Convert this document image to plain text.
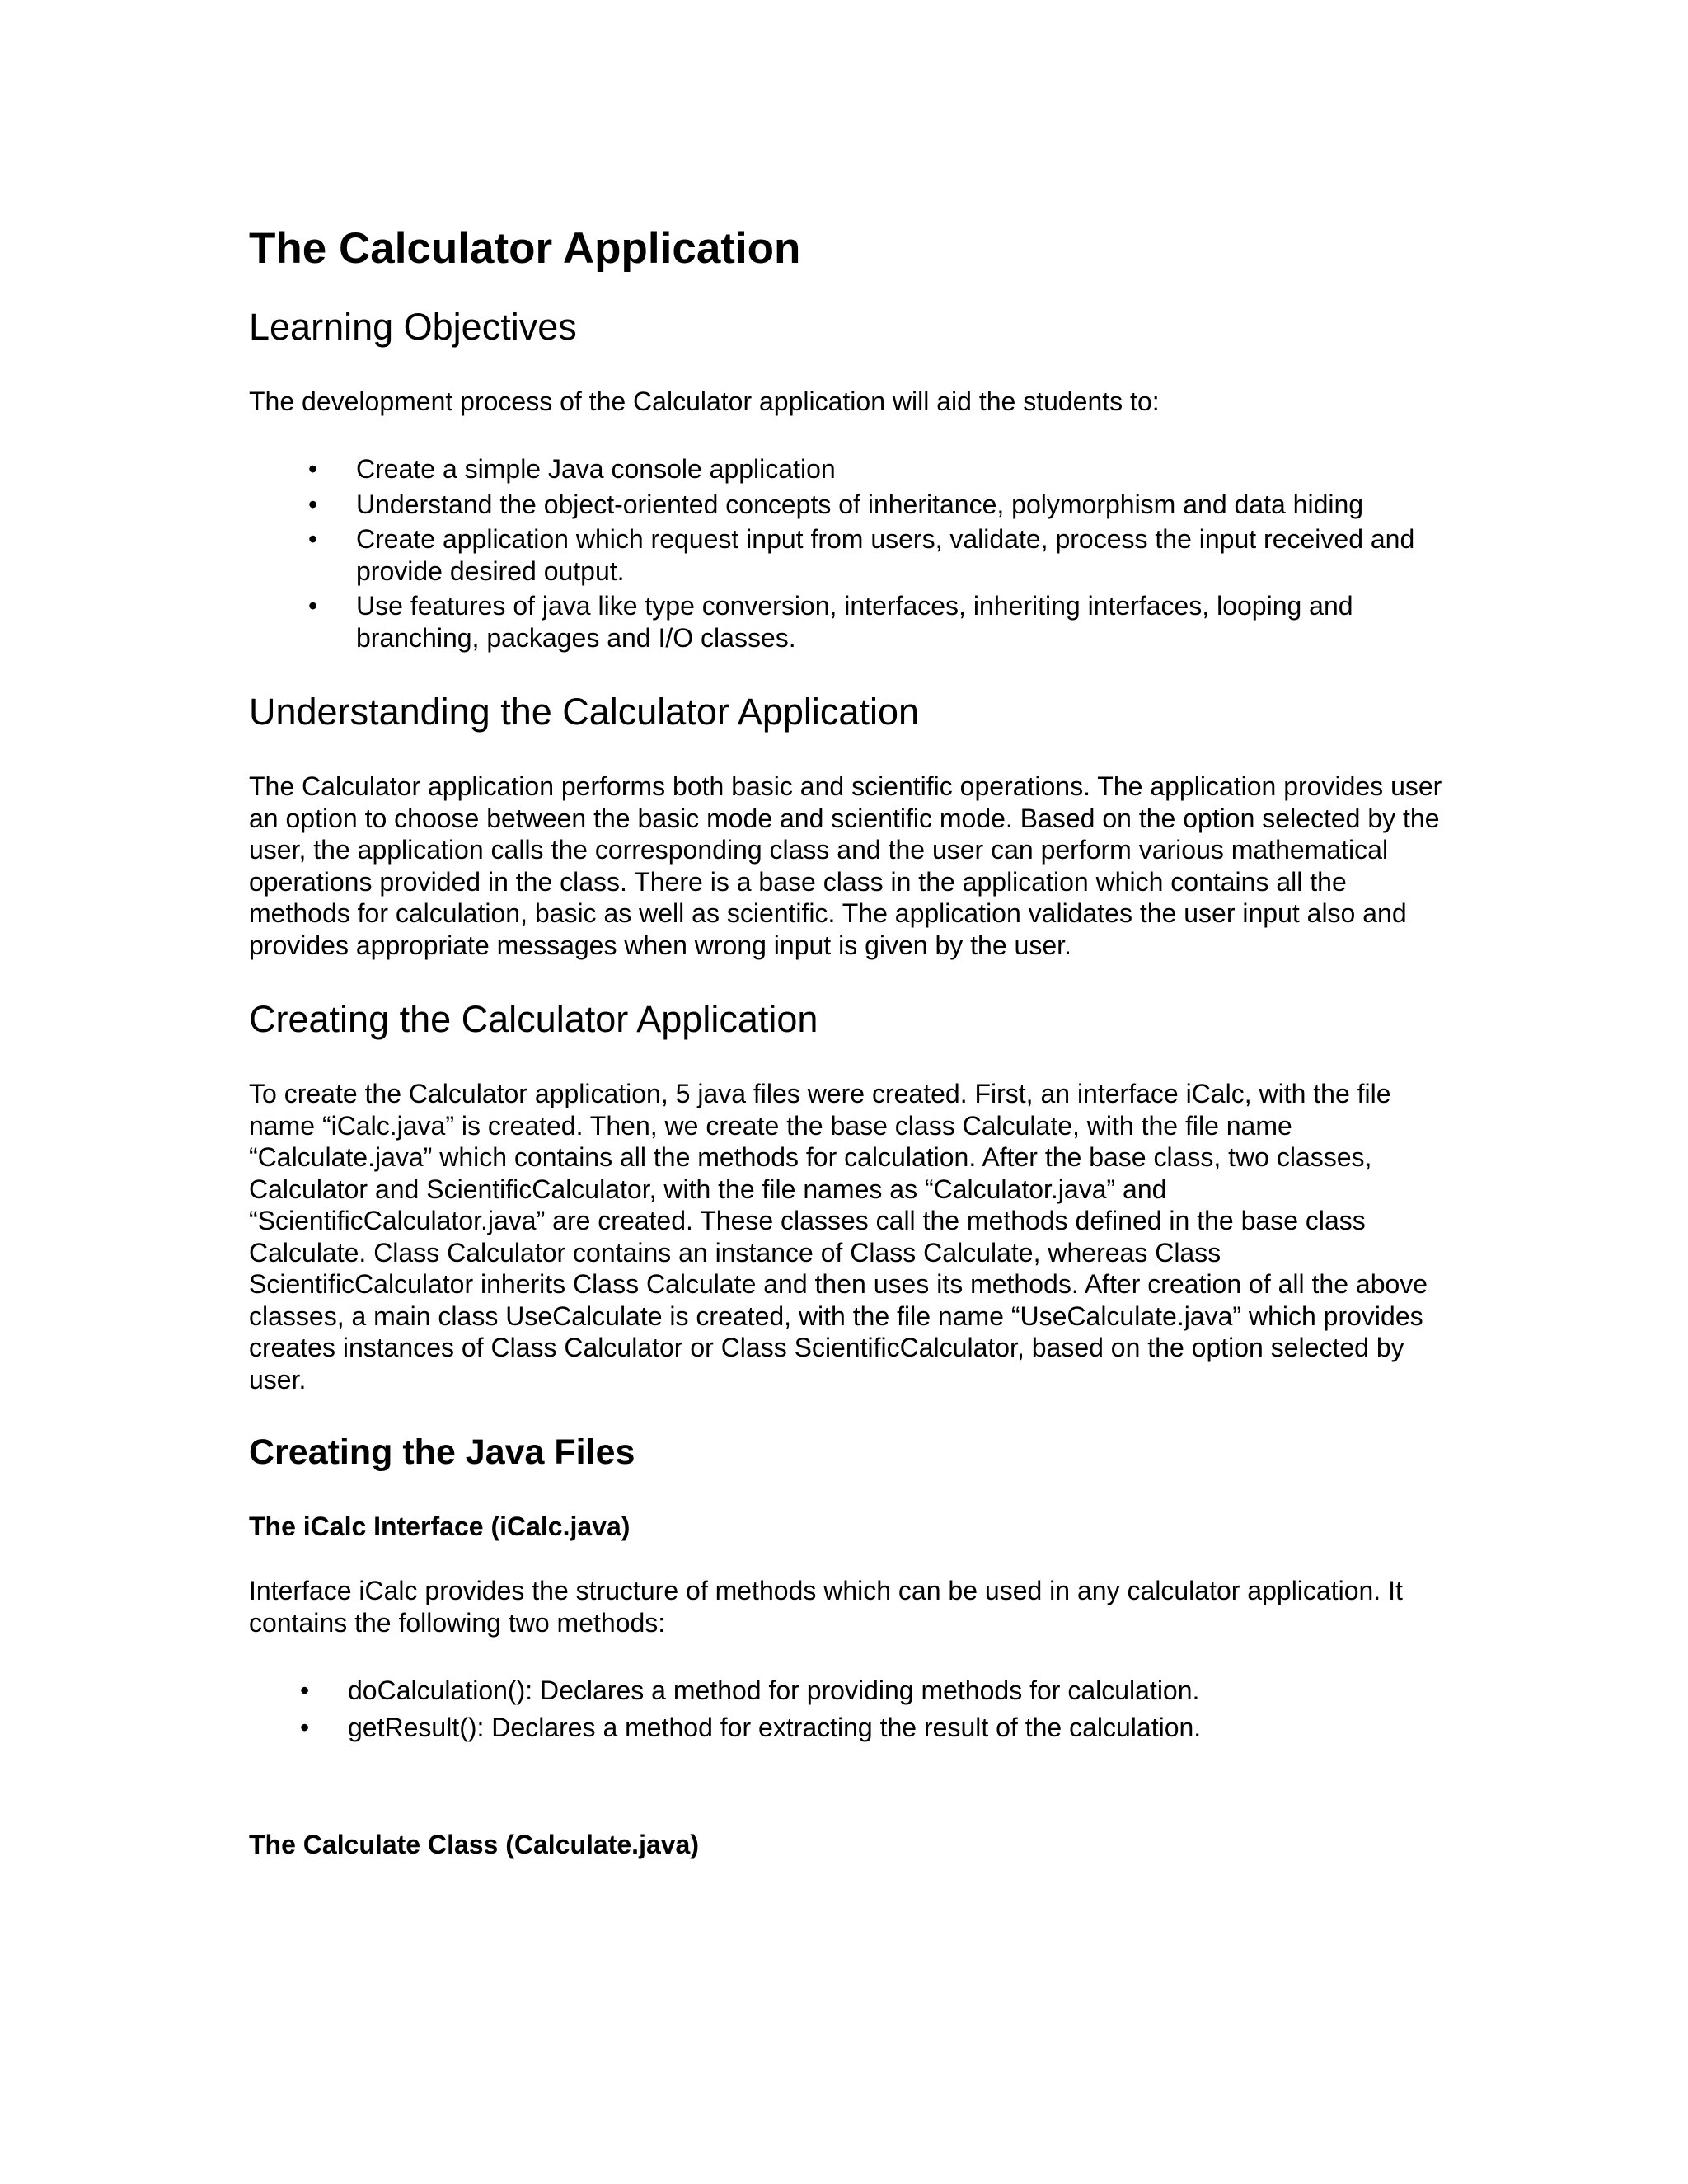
The Calculator Application
Learning Objectives

The development process of the Calculator application will aid the students to:

• Create a simple Java console application
• Understand the object-oriented concepts of inheritance, polymorphism and data hiding
• Create application which request input from users, validate, process the input received and provide desired output.
• Use features of java like type conversion, interfaces, inheriting interfaces, looping and branching, packages and I/O classes.
Understanding the Calculator Application

The Calculator application performs both basic and scientific operations. The application provides user an option to choose between the basic mode and scientific mode. Based on the option selected by the user, the application calls the corresponding class and the user can perform various mathematical operations provided in the class. There is a base class in the application which contains all the methods for calculation, basic as well as scientific. The application validates the user input also and provides appropriate messages when wrong input is given by the user.

Creating the Calculator Application

To create the Calculator application, 5 java files were created. First, an interface iCalc, with the file name “iCalc.java” is created. Then, we create the base class Calculate, with the file name “Calculate.java” which contains all the methods for calculation. After the base class, two classes, Calculator and ScientificCalculator, with the file names as “Calculator.java” and “ScientificCalculator.java” are created. These classes call the methods defined in the base class Calculate. Class Calculator contains an instance of Class Calculate, whereas Class ScientificCalculator inherits Class Calculate and then uses its methods. After creation of all the above classes, a main class UseCalculate is created, with the file name “UseCalculate.java” which provides creates instances of Class Calculator or Class ScientificCalculator, based on the option selected by user.

Creating the Java Files
The iCalc Interface (iCalc.java)

Interface iCalc provides the structure of methods which can be used in any calculator application. It contains the following two methods:

• doCalculation(): Declares a method for providing methods for calculation.
• getResult(): Declares a method for extracting the result of the calculation.
The Calculate Class (Calculate.java)
